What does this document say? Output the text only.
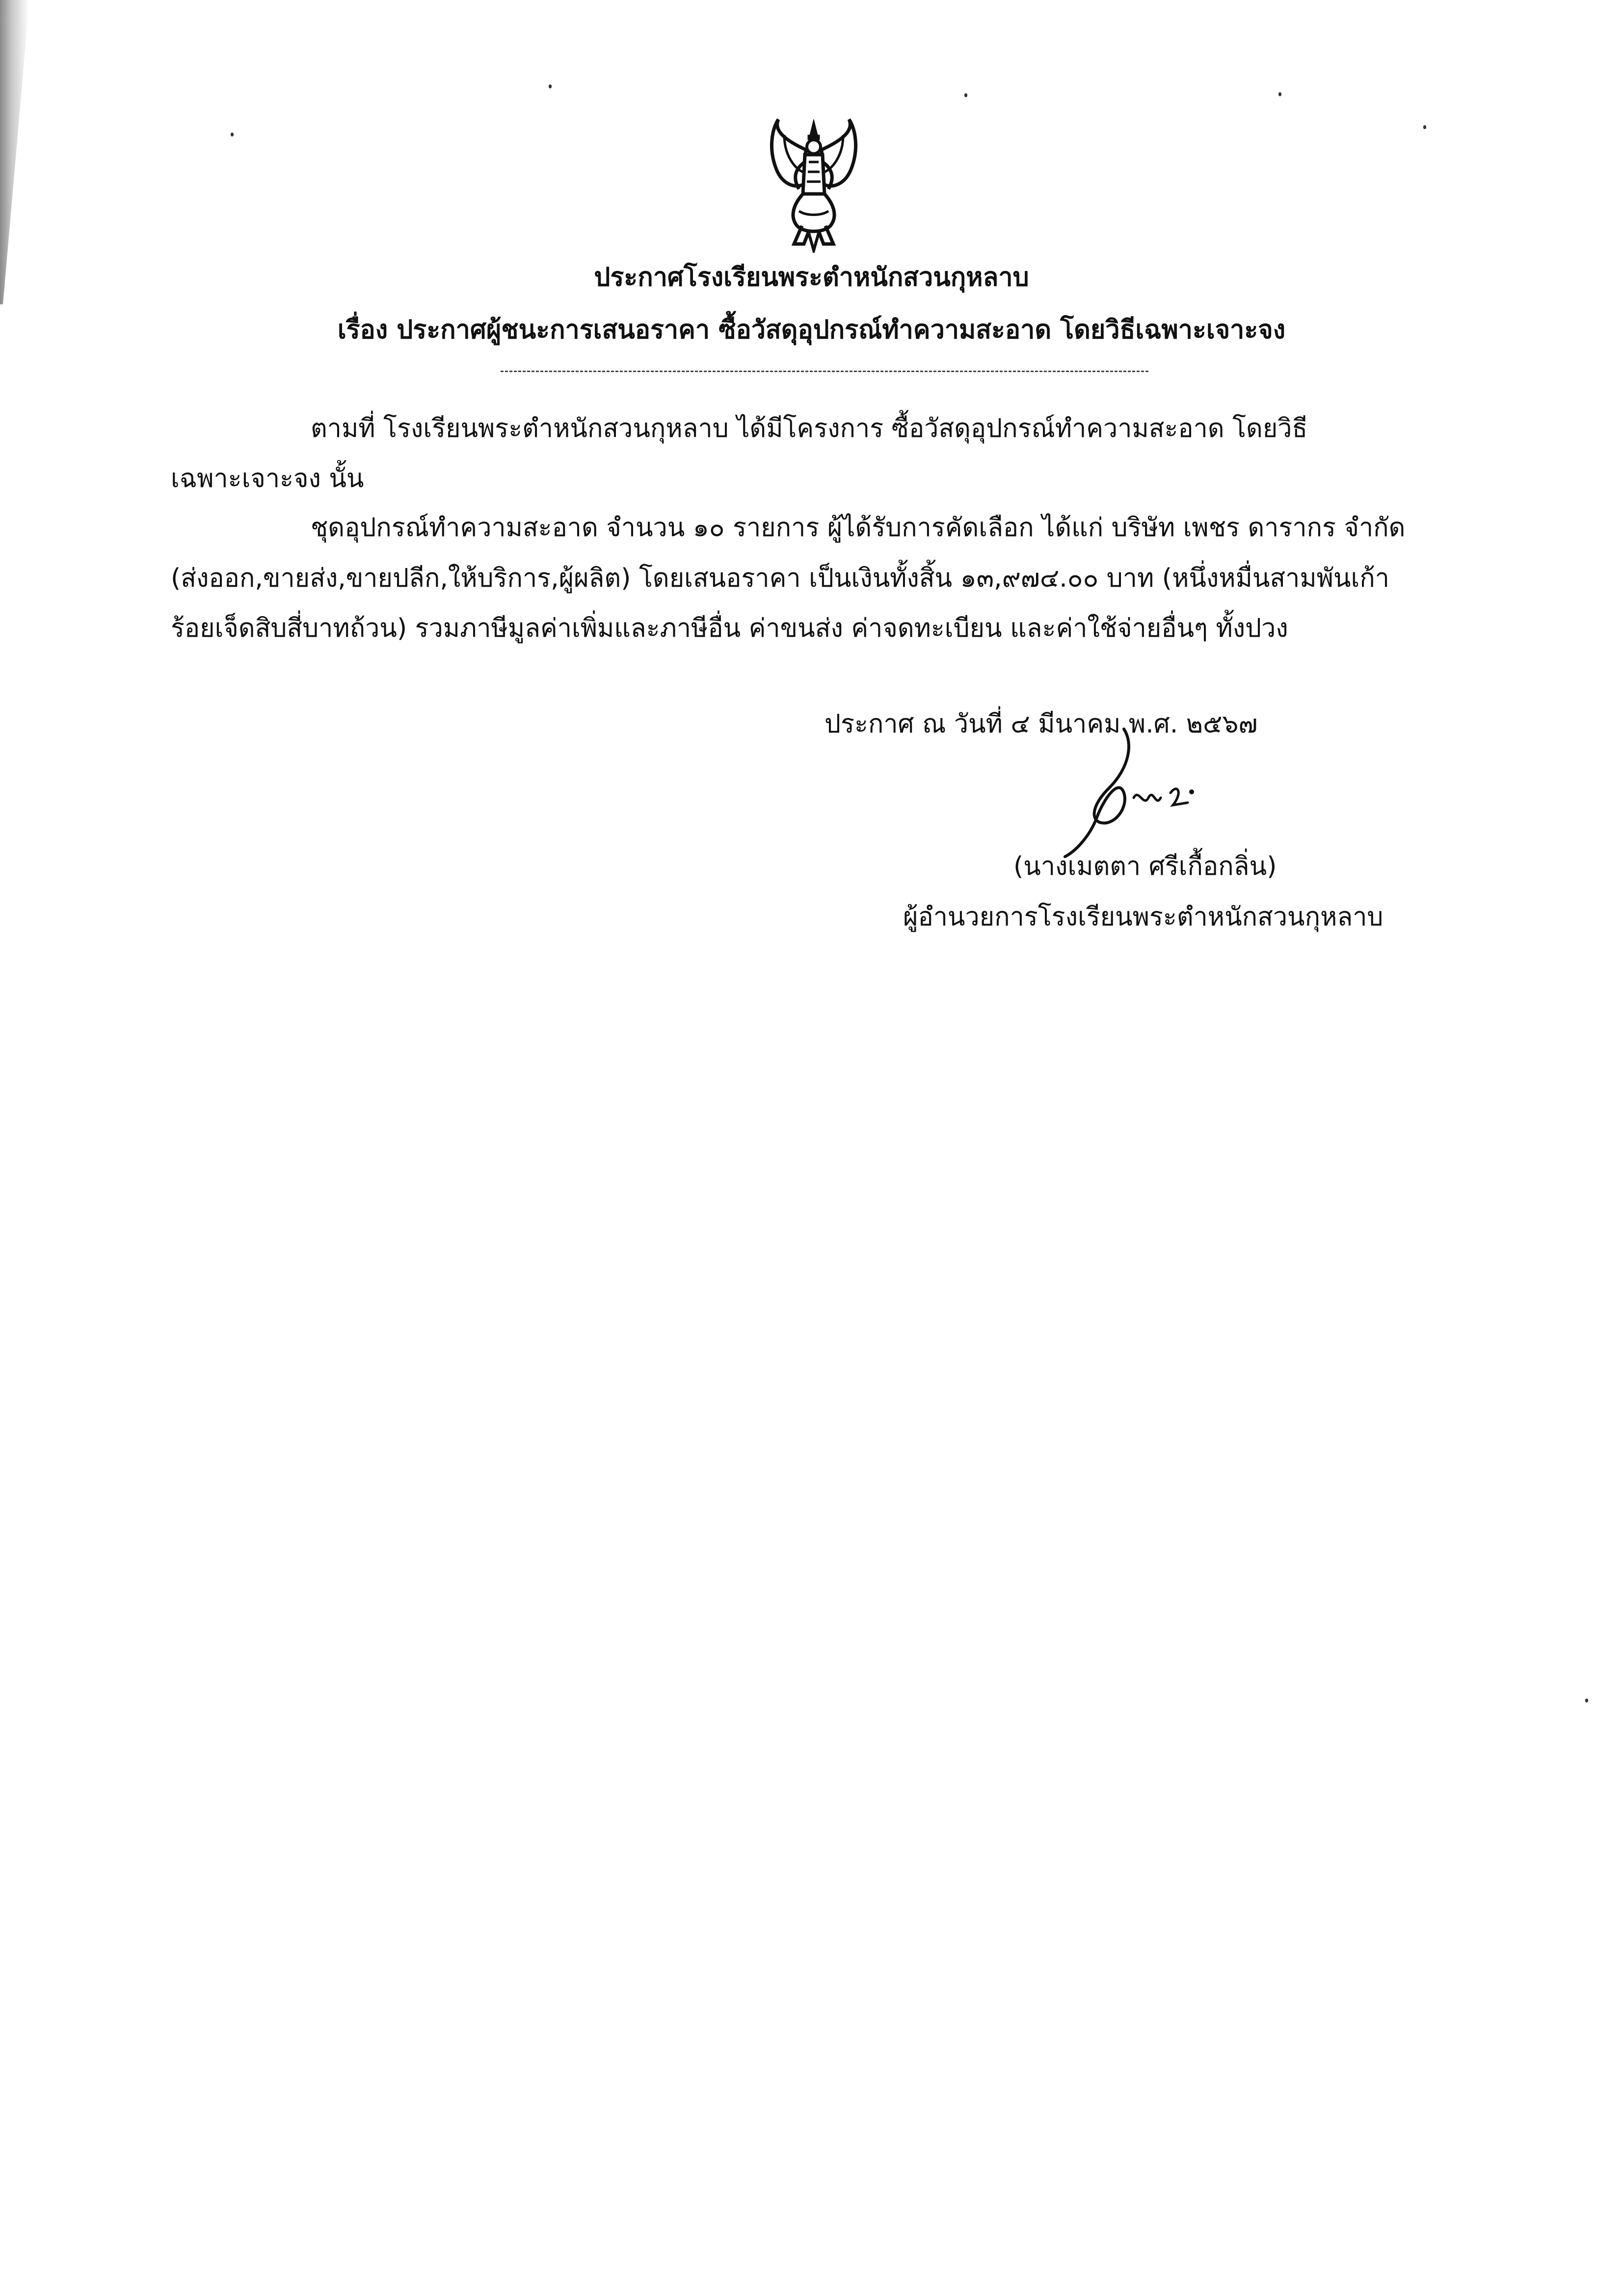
ประกาศโรงเรียนพระตำหนักสวนกุหลาบ
เรื่อง ประกาศผู้ชนะการเสนอราคา ซื้อวัสดุอุปกรณ์ทำความสะอาด โดยวิธีเฉพาะเจาะจง
ตามที่ โรงเรียนพระตำหนักสวนกุหลาบ ได้มีโครงการ ซื้อวัสดุอุปกรณ์ทำความสะอาด โดยวิธี
เฉพาะเจาะจง นั้น
ชุดอุปกรณ์ทำความสะอาด จำนวน ๑๐ รายการ ผู้ได้รับการคัดเลือก ได้แก่ บริษัท เพชร ดารากร จำกัด
(ส่งออก,ขายส่ง,ขายปลีก,ให้บริการ,ผู้ผลิต) โดยเสนอราคา เป็นเงินทั้งสิ้น ๑๓,๙๗๔.๐๐ บาท (หนึ่งหมื่นสามพันเก้า
ร้อยเจ็ดสิบสี่บาทถ้วน) รวมภาษีมูลค่าเพิ่มและภาษีอื่น ค่าขนส่ง ค่าจดทะเบียน และค่าใช้จ่ายอื่นๆ ทั้งปวง
ประกาศ ณ วันที่ ๔ มีนาคม พ.ศ. ๒๕๖๗
(นางเมตตา ศรีเกื้อกลิ่น)
ผู้อำนวยการโรงเรียนพระตำหนักสวนกุหลาบ
